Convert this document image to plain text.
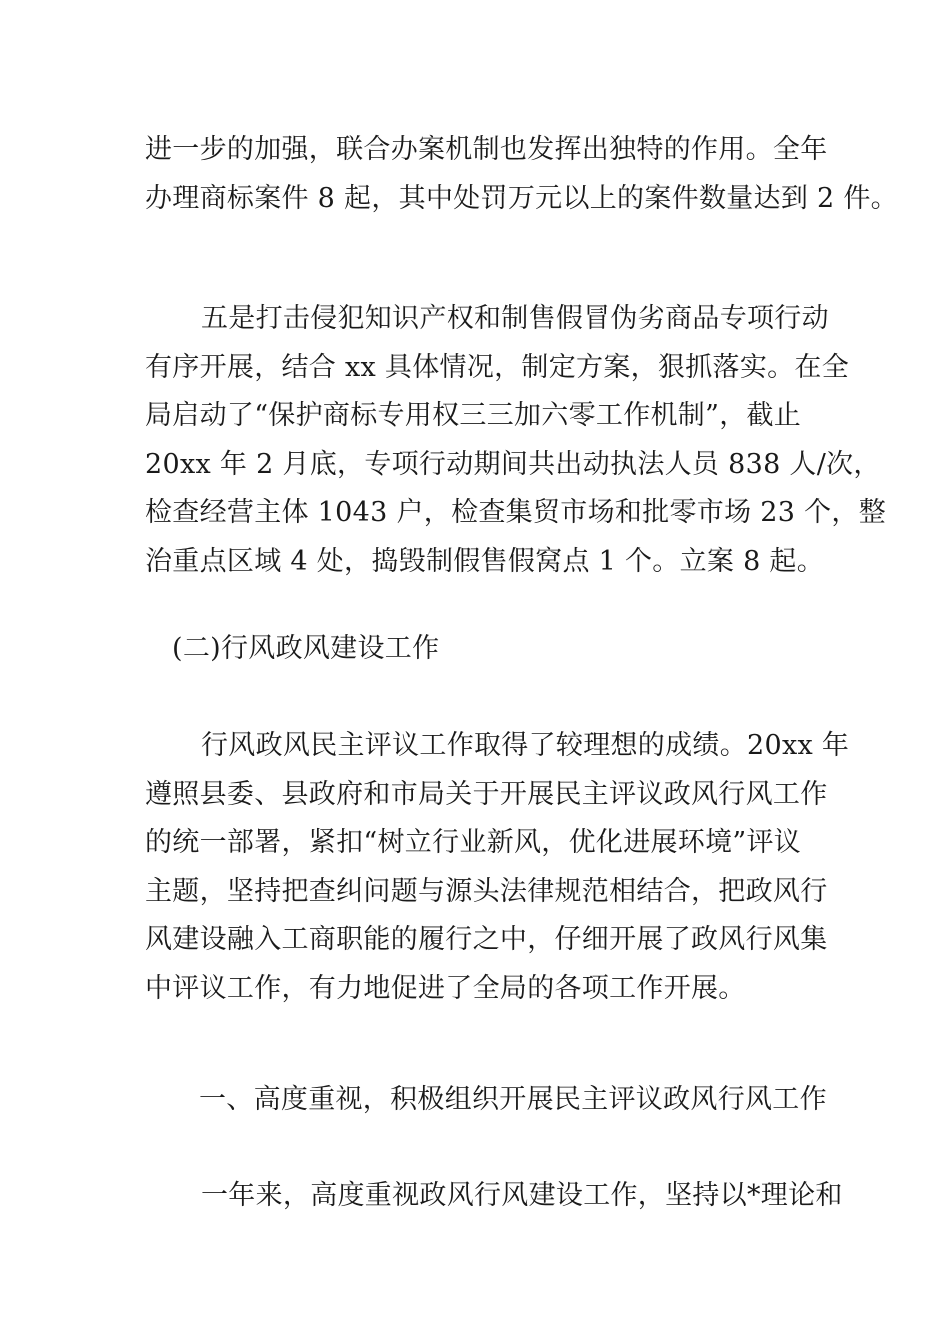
进一步的加强，联合办案机制也发挥出独特的作用。全年
办理商标案件 8 起，其中处罚万元以上的案件数量达到 2 件。
五是打击侵犯知识产权和制售假冒伪劣商品专项行动
有序开展，结合 xx 具体情况，制定方案，狠抓落实。在全
局启动了“保护商标专用权三三加六零工作机制”，截止
20xx 年 2 月底，专项行动期间共出动执法人员 838 人/次，
检查经营主体 1043 户，检查集贸市场和批零市场 23 个，整
治重点区域 4 处，捣毁制假售假窝点 1 个。立案 8 起。
(二)行风政风建设工作
行风政风民主评议工作取得了较理想的成绩。20xx 年
遵照县委、县政府和市局关于开展民主评议政风行风工作
的统一部署，紧扣“树立行业新风，优化进展环境”评议
主题，坚持把查纠问题与源头法律规范相结合，把政风行
风建设融入工商职能的履行之中，仔细开展了政风行风集
中评议工作，有力地促进了全局的各项工作开展。
一、高度重视，积极组织开展民主评议政风行风工作
一年来，高度重视政风行风建设工作，坚持以*理论和
